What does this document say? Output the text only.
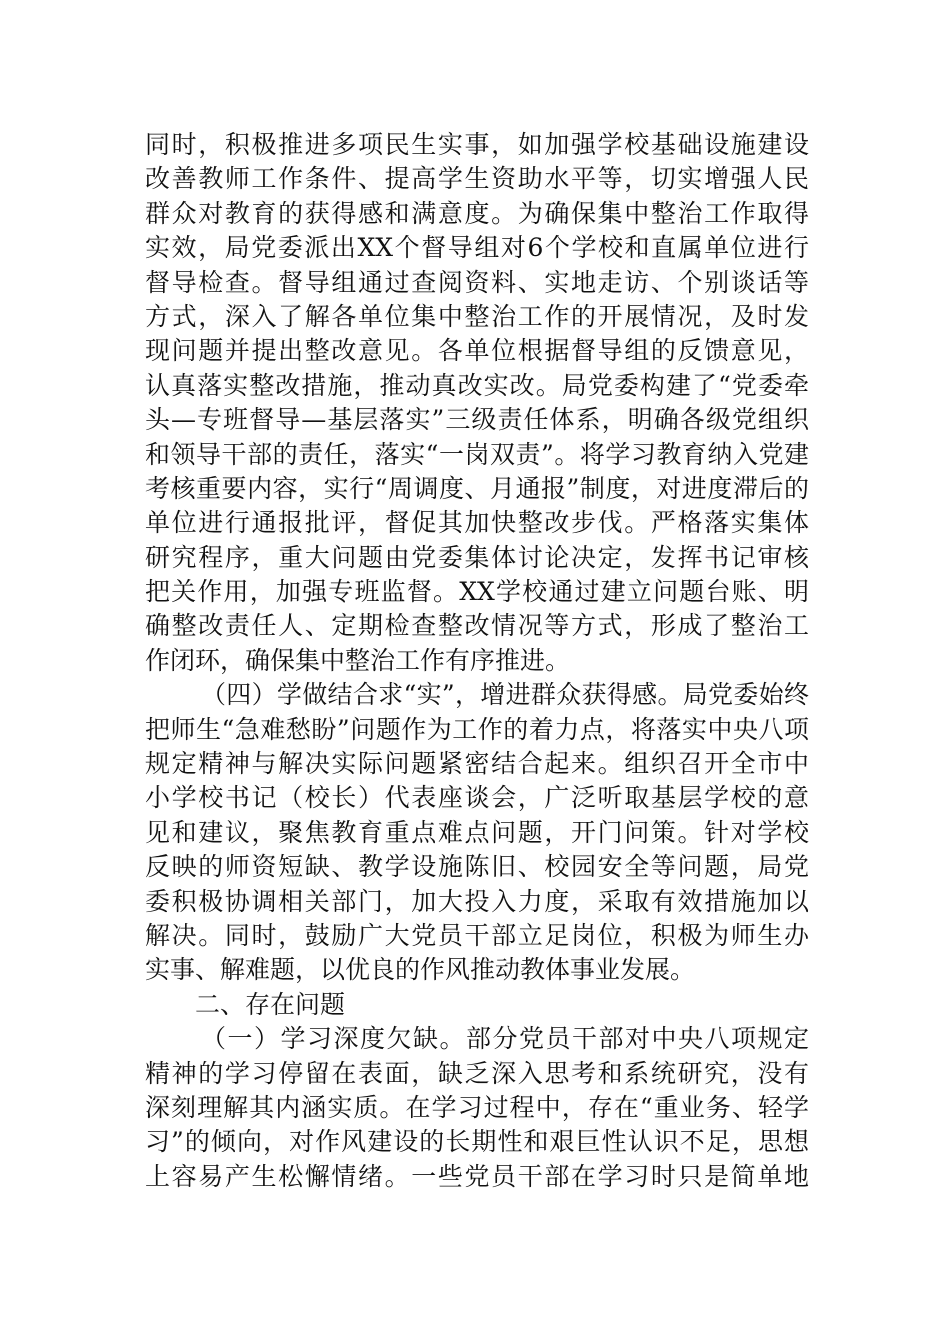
同时，积极推进多项民生实事，如加强学校基础设施建设
改善教师工作条件、提高学生资助水平等，切实增强人民
群众对教育的获得感和满意度。为确保集中整治工作取得
实效，局党委派出XX个督导组对6个学校和直属单位进行
督导检查。督导组通过查阅资料、实地走访、个别谈话等
方式，深入了解各单位集中整治工作的开展情况，及时发
现问题并提出整改意见。各单位根据督导组的反馈意见，
认真落实整改措施，推动真改实改。局党委构建了“党委牵
头—专班督导—基层落实”三级责任体系，明确各级党组织
和领导干部的责任，落实“一岗双责”。将学习教育纳入党建
考核重要内容，实行“周调度、月通报”制度，对进度滞后的
单位进行通报批评，督促其加快整改步伐。严格落实集体
研究程序，重大问题由党委集体讨论决定，发挥书记审核
把关作用，加强专班监督。XX学校通过建立问题台账、明
确整改责任人、定期检查整改情况等方式，形成了整治工
作闭环，确保集中整治工作有序推进。
（四）学做结合求“实”，增进群众获得感。局党委始终
把师生“急难愁盼”问题作为工作的着力点，将落实中央八项
规定精神与解决实际问题紧密结合起来。组织召开全市中
小学校书记（校长）代表座谈会，广泛听取基层学校的意
见和建议，聚焦教育重点难点问题，开门问策。针对学校
反映的师资短缺、教学设施陈旧、校园安全等问题，局党
委积极协调相关部门，加大投入力度，采取有效措施加以
解决。同时，鼓励广大党员干部立足岗位，积极为师生办
实事、解难题，以优良的作风推动教体事业发展。
二、存在问题
（一）学习深度欠缺。部分党员干部对中央八项规定
精神的学习停留在表面，缺乏深入思考和系统研究，没有
深刻理解其内涵实质。在学习过程中，存在“重业务、轻学
习”的倾向，对作风建设的长期性和艰巨性认识不足，思想
上容易产生松懈情绪。一些党员干部在学习时只是简单地
